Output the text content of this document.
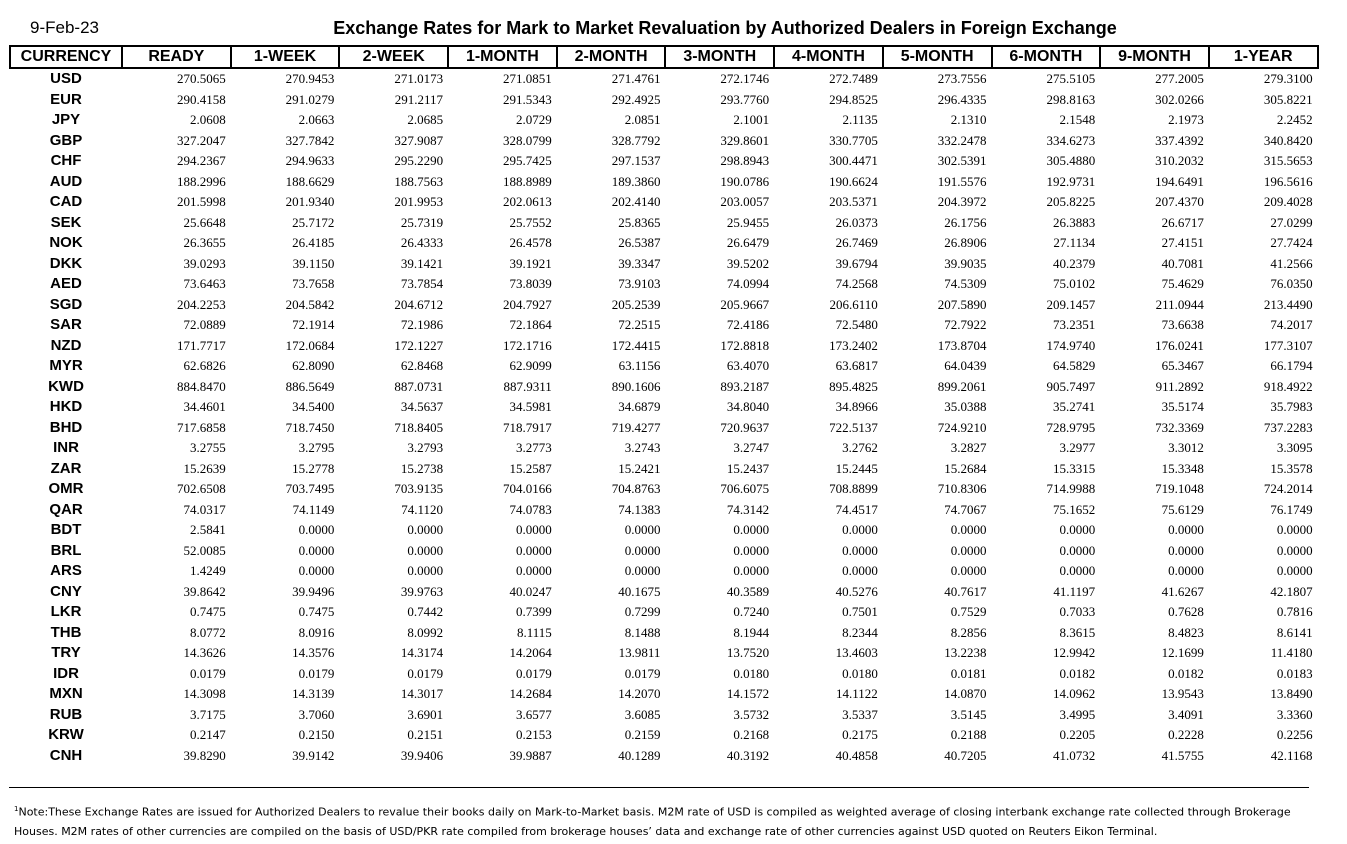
9-Feb-23	Exchange Rates for Mark to Market Revaluation by Authorized Dealers in Foreign Exchange
CURRENCY	READY	1-WEEK	2-WEEK	1-MONTH	2-MONTH	3-MONTH	4-MONTH	5-MONTH	6-MONTH	9-MONTH	1-YEAR
USD	270.5065	270.9453	271.0173	271.0851	271.4761	272.1746	272.7489	273.7556	275.5105	277.2005	279.3100
EUR	290.4158	291.0279	291.2117	291.5343	292.4925	293.7760	294.8525	296.4335	298.8163	302.0266	305.8221
JPY	2.0608	2.0663	2.0685	2.0729	2.0851	2.1001	2.1135	2.1310	2.1548	2.1973	2.2452
GBP	327.2047	327.7842	327.9087	328.0799	328.7792	329.8601	330.7705	332.2478	334.6273	337.4392	340.8420
CHF	294.2367	294.9633	295.2290	295.7425	297.1537	298.8943	300.4471	302.5391	305.4880	310.2032	315.5653
AUD	188.2996	188.6629	188.7563	188.8989	189.3860	190.0786	190.6624	191.5576	192.9731	194.6491	196.5616
CAD	201.5998	201.9340	201.9953	202.0613	202.4140	203.0057	203.5371	204.3972	205.8225	207.4370	209.4028
SEK	25.6648	25.7172	25.7319	25.7552	25.8365	25.9455	26.0373	26.1756	26.3883	26.6717	27.0299
NOK	26.3655	26.4185	26.4333	26.4578	26.5387	26.6479	26.7469	26.8906	27.1134	27.4151	27.7424
DKK	39.0293	39.1150	39.1421	39.1921	39.3347	39.5202	39.6794	39.9035	40.2379	40.7081	41.2566
AED	73.6463	73.7658	73.7854	73.8039	73.9103	74.0994	74.2568	74.5309	75.0102	75.4629	76.0350
SGD	204.2253	204.5842	204.6712	204.7927	205.2539	205.9667	206.6110	207.5890	209.1457	211.0944	213.4490
SAR	72.0889	72.1914	72.1986	72.1864	72.2515	72.4186	72.5480	72.7922	73.2351	73.6638	74.2017
NZD	171.7717	172.0684	172.1227	172.1716	172.4415	172.8818	173.2402	173.8704	174.9740	176.0241	177.3107
MYR	62.6826	62.8090	62.8468	62.9099	63.1156	63.4070	63.6817	64.0439	64.5829	65.3467	66.1794
KWD	884.8470	886.5649	887.0731	887.9311	890.1606	893.2187	895.4825	899.2061	905.7497	911.2892	918.4922
HKD	34.4601	34.5400	34.5637	34.5981	34.6879	34.8040	34.8966	35.0388	35.2741	35.5174	35.7983
BHD	717.6858	718.7450	718.8405	718.7917	719.4277	720.9637	722.5137	724.9210	728.9795	732.3369	737.2283
INR	3.2755	3.2795	3.2793	3.2773	3.2743	3.2747	3.2762	3.2827	3.2977	3.3012	3.3095
ZAR	15.2639	15.2778	15.2738	15.2587	15.2421	15.2437	15.2445	15.2684	15.3315	15.3348	15.3578
OMR	702.6508	703.7495	703.9135	704.0166	704.8763	706.6075	708.8899	710.8306	714.9988	719.1048	724.2014
QAR	74.0317	74.1149	74.1120	74.0783	74.1383	74.3142	74.4517	74.7067	75.1652	75.6129	76.1749
BDT	2.5841	0.0000	0.0000	0.0000	0.0000	0.0000	0.0000	0.0000	0.0000	0.0000	0.0000
BRL	52.0085	0.0000	0.0000	0.0000	0.0000	0.0000	0.0000	0.0000	0.0000	0.0000	0.0000
ARS	1.4249	0.0000	0.0000	0.0000	0.0000	0.0000	0.0000	0.0000	0.0000	0.0000	0.0000
CNY	39.8642	39.9496	39.9763	40.0247	40.1675	40.3589	40.5276	40.7617	41.1197	41.6267	42.1807
LKR	0.7475	0.7475	0.7442	0.7399	0.7299	0.7240	0.7501	0.7529	0.7033	0.7628	0.7816
THB	8.0772	8.0916	8.0992	8.1115	8.1488	8.1944	8.2344	8.2856	8.3615	8.4823	8.6141
TRY	14.3626	14.3576	14.3174	14.2064	13.9811	13.7520	13.4603	13.2238	12.9942	12.1699	11.4180
IDR	0.0179	0.0179	0.0179	0.0179	0.0179	0.0180	0.0180	0.0181	0.0182	0.0182	0.0183
MXN	14.3098	14.3139	14.3017	14.2684	14.2070	14.1572	14.1122	14.0870	14.0962	13.9543	13.8490
RUB	3.7175	3.7060	3.6901	3.6577	3.6085	3.5732	3.5337	3.5145	3.4995	3.4091	3.3360
KRW	0.2147	0.2150	0.2151	0.2153	0.2159	0.2168	0.2175	0.2188	0.2205	0.2228	0.2256
CNH	39.8290	39.9142	39.9406	39.9887	40.1289	40.3192	40.4858	40.7205	41.0732	41.5755	42.1168
$^1$Note:These Exchange Rates are issued for Authorized Dealers to revalue their books daily on Mark-to-Market basis. M2M rate of USD is compiled as weighted average of closing interbank exchange rate collected through Brokerage Houses. M2M rates of other currencies are compiled on the basis of USD/PKR rate compiled from brokerage houses’ data and exchange rate of other currencies against USD quoted on Reuters Eikon Terminal.
